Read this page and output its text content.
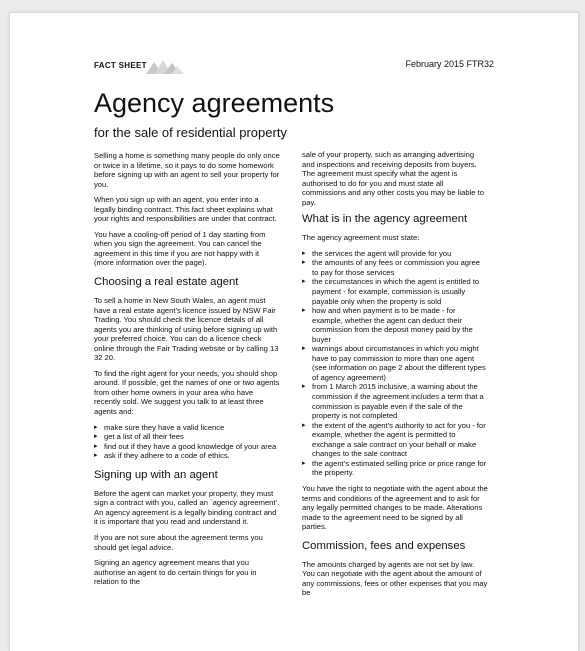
FACT SHEET	February 2015 FTR32
Agency agreements
for the sale of residential property

Selling a home is something many people do only once or twice in a lifetime, so it pays to do some homework before signing up with an agent to sell your property for you.

When you sign up with an agent, you enter into a legally binding contract. This fact sheet explains what your rights and responsibilities are under that contract.

You have a cooling-off period of 1 day starting from when you sign the agreement. You can cancel the agreement in this time if you are not happy with it (more information over the page).

Choosing a real estate agent

To sell a home in New South Wales, an agent must have a real estate agent’s licence issued by NSW Fair Trading. You should check the licence details of all agents you are thinking of using before signing up with your preferred choice. You can do a licence check online through the Fair Trading website or by calling 13 32 20.

To find the right agent for your needs, you should shop around. If possible, get the names of one or two agents from other home owners in your area who have recently sold. We suggest you talk to at least three agents and:

▸ make sure they have a valid licence
▸ get a list of all their fees
▸ find out if they have a good knowledge of your area
▸ ask if they adhere to a code of ethics.
Signing up with an agent

Before the agent can market your property, they must sign a contract with you, called an `agency agreement’. An agency agreement is a legally binding contract and it is important that you read and understand it.

If you are not sure about the agreement terms you should get legal advice.

Signing an agency agreement means that you authorise an agent to do certain things for you in relation to the

sale of your property, such as arranging advertising and inspections and receiving deposits from buyers. The agreement must specify what the agent is authorised to do for you and must state all commissions and any other costs you may be liable to pay.

What is in the agency agreement

The agency agreement must state:

▸ the services the agent will provide for you
▸ the amounts of any fees or commission you agree to pay for those services
▸ the circumstances in which the agent is entitled to payment - for example, commission is usually payable only when the property is sold
▸ how and when payment is to be made - for example, whether the agent can deduct their commission from the deposit money paid by the buyer
▸ warnings about circumstances in which you might have to pay commission to more than one agent (see information on page 2 about the different types of agency agreement)
▸ from 1 March 2015 inclusive, a warning about the commission if the agreement includes a term that a commission is payable even if the sale of the property is not completed
▸ the extent of the agent’s authority to act for you - for example, whether the agent is permitted to exchange a sale contract on your behalf or make changes to the sale contract
▸ the agent’s estimated selling price or price range for the property.

You have the right to negotiate with the agent about the terms and conditions of the agreement and to ask for any legally permitted changes to be made. Alterations made to the agreement need to be signed by all parties.

Commission, fees and expenses

The amounts charged by agents are not set by law. You can negotiate with the agent about the amount of any commissions, fees or other expenses that you may be
